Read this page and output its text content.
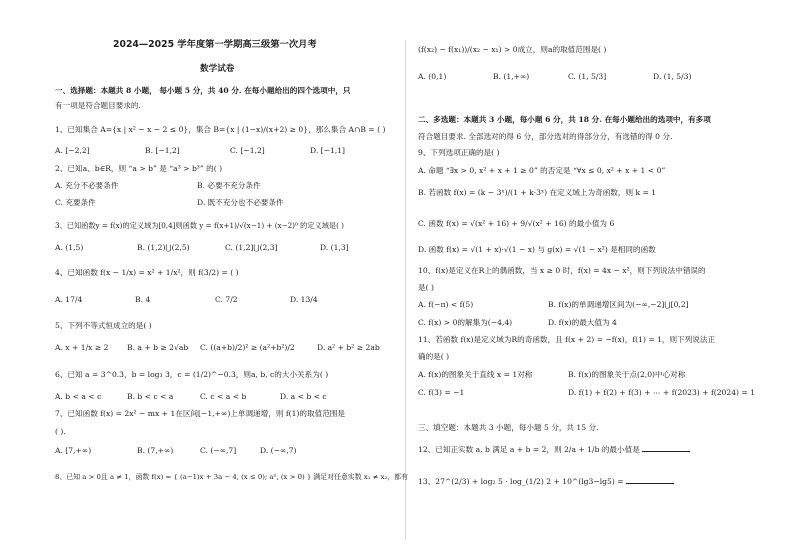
2024—2025 学年度第一学期高三级第一次月考
数学试卷
一、选择题：本题共 8 小题， 每小题 5 分，共 40 分. 在每小题给出的四个选项中，只
有一项是符合题目要求的.
1、已知集合 A={x | x² − x − 2 ≤ 0}，集合 B={x | (1−x)/(x+2) ≥ 0}，那么集合 A∩B = ( )
A. [−2,2]	B. [−1,2]	C. [−1,2]	D. [−1,1]
2、已知a、b∈R，则 “a > b” 是 “a³ > b³” 的( )
A. 充分不必要条件	B. 必要不充分条件
C. 充要条件	D. 既不充分也不必要条件
3、已知函数y = f(x)的定义域为[0,4]则函数 y = f(x+1)/√(x−1) + (x−2)⁰ 的定义域是( )
A. (1,5)	B. (1,2)⋃(2,5)	C. (1,2]⋃(2,3]	D. (1,3]
4、已知函数 f(x − 1/x) = x² + 1/x²，则 f(3/2) = ( )
A. 17/4	B. 4	C. 7/2	D. 13/4
5、下列不等式恒成立的是( )
A. x + 1/x ≥ 2 B. a + b ≥ 2√ab C. ((a+b)/2)² ≥ (a²+b²)/2	D. a² + b² ≥ 2ab
6、已知 a = 3^0.3，b = log₃ 3，c = (1/2)^−0.3，则a, b, c的大小关系为( )
A. b < a < c	B. b < c < a	C. c < a < b	D. a < b < c
7、已知函数 f(x) = 2x² − mx + 1在区间[−1,+∞)上单调递增，则 f(1)的取值范围是
( ).
A. [7,+∞)	B. (7,+∞)	C. (−∞,7]	D. (−∞,7)
8、已知 a > 0且 a ≠ 1，函数 f(x) = { (a−1)x + 3a − 4, (x ≤ 0); aˣ, (x > 0) } 满足对任意实数 x₁ ≠ x₂，都有
(f(x₂) − f(x₁))/(x₂ − x₁) > 0成立，则a的取值范围是( )
A. (0,1)	B. (1,+∞)	C. (1, 5/3]	D. (1, 5/3)
二、多选题：本题共 3 小题，每小题 6 分，共 18 分. 在每小题给出的选项中，有多项
符合题目要求. 全部选对的得 6 分，部分选对的得部分分，有选错的得 0 分.
9、下列选项正确的是( )
A. 命题 “∃x > 0, x² + x + 1 ≥ 0” 的否定是 “∀x ≤ 0, x² + x + 1 < 0”
B. 若函数 f(x) = (k − 3ˣ)/(1 + k·3ˣ) 在定义域上为奇函数，则 k = 1
C. 函数 f(x) = √(x² + 16) + 9/√(x² + 16) 的最小值为 6
D. 函数 f(x) = √(1 + x)·√(1 − x) 与 g(x) = √(1 − x²) 是相同的函数
10、f(x)是定义在R上的偶函数，当 x ≥ 0 时，f(x) = 4x − x²，则下列说法中错误的
是( )
A. f(−π) < f(5)	B. f(x)的单调递增区间为(−∞,−2]⋃[0,2]
C. f(x) > 0的解集为(−4,4)	D. f(x)的最大值为 4
11、若函数 f(x)是定义域为R的奇函数，且 f(x + 2) = −f(x)，f(1) = 1，则下列说法正
确的是( )
A. f(x)的图象关于直线 x = 1对称	B. f(x)的图象关于点(2,0)中心对称
C. f(3) = −1	D. f(1) + f(2) + f(3) + ⋯ + f(2023) + f(2024) = 1
三、填空题：本题共 3 小题，每小题 5 分，共 15 分.
12、已知正实数 a, b 满足 a + b = 2，则 2/a + 1/b 的最小值是
13、27^(2/3) + log₂ 5 · log_(1/2) 2 + 10^(lg3−lg5) =
